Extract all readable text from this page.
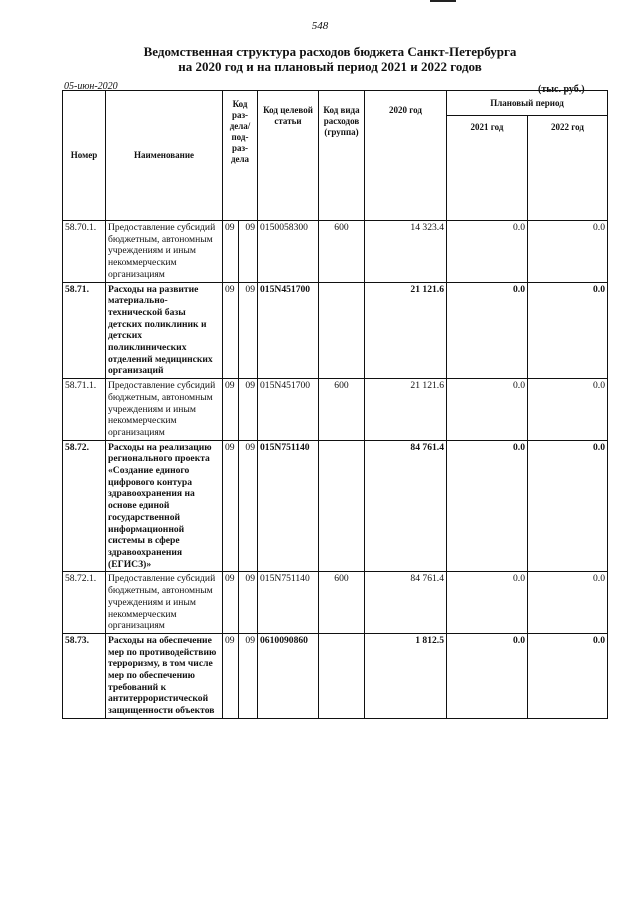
548
Ведомственная структура расходов бюджета Санкт-Петербурга
на 2020 год и на плановый период 2021 и 2022 годов
05-июн-2020	(тыс. руб.)
Номер	Наименование	Код раз-дела/ под-раз-дела		Код целевой статьи	Код вида расходов (группа)	2020 год	Плановый период	
							2021 год	2022 год
58.70.1.	Предоставление субсидий бюджетным, автономным учреждениям и иным некоммерческим организациям	09	09	0150058300	600	14 323.4	0.0	0.0
58.71.	Расходы на развитие материально-технической базы детских поликлиник и детских поликлинических отделений медицинских организаций	09	09	015N451700		21 121.6	0.0	0.0
58.71.1.	Предоставление субсидий бюджетным, автономным учреждениям и иным некоммерческим организациям	09	09	015N451700	600	21 121.6	0.0	0.0
58.72.	Расходы на реализацию регионального проекта «Создание единого цифрового контура здравоохранения на основе единой государственной информационной системы в сфере здравоохранения (ЕГИСЗ)»	09	09	015N751140		84 761.4	0.0	0.0
58.72.1.	Предоставление субсидий бюджетным, автономным учреждениям и иным некоммерческим организациям	09	09	015N751140	600	84 761.4	0.0	0.0
58.73.	Расходы на обеспечение мер по противодействию терроризму, в том числе мер по обеспечению требований к антитеррористической защищенности объектов	09	09	0610090860		1 812.5	0.0	0.0
